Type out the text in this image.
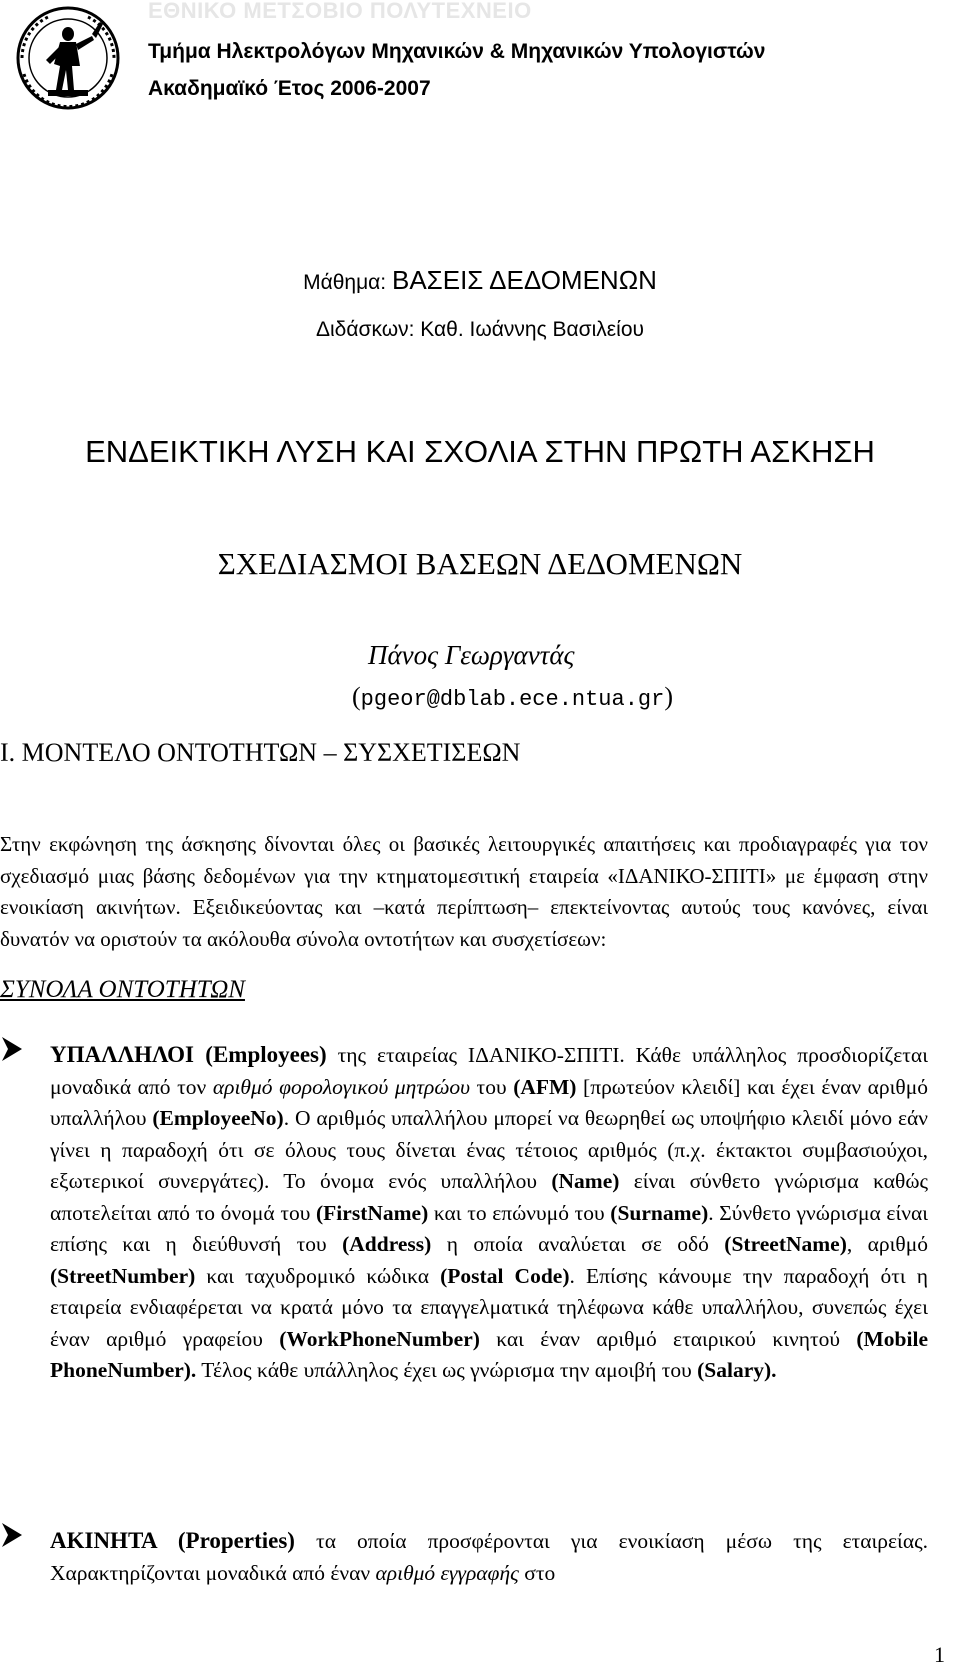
ΕΘΝΙΚΟ ΜΕΤΣΟΒΙΟ ΠΟΛΥΤΕΧΝΕΙΟ
Τμήμα Ηλεκτρολόγων Μηχανικών & Μηχανικών Υπολογιστών
Ακαδημαϊκό Έτος 2006-2007
Μάθημα: ΒΑΣΕΙΣ ΔΕΔΟΜΕΝΩΝ
Διδάσκων: Καθ. Ιωάννης Βασιλείου
ΕΝΔΕΙΚΤΙΚΗ ΛΥΣΗ ΚΑΙ ΣΧΟΛΙΑ ΣΤΗΝ ΠΡΩΤΗ ΑΣΚΗΣΗ
ΣΧΕΔΙΑΣΜΟΙ ΒΑΣΕΩΝ ΔΕΔΟΜΕΝΩΝ
Πάνος Γεωργαντάς
(pgeor@dblab.ece.ntua.gr)
Ι. ΜΟΝΤΕΛΟ ΟΝΤΟΤΗΤΩΝ – ΣΥΣΧΕΤΙΣΕΩΝ
Στην εκφώνηση της άσκησης δίνονται όλες οι βασικές λειτουργικές απαιτήσεις και προδιαγραφές για τον σχεδιασμό μιας βάσης δεδομένων για την κτηματομεσιτική εταιρεία «ΙΔΑΝΙΚΟ-ΣΠΙΤΙ» με έμφαση στην ενοικίαση ακινήτων. Εξειδικεύοντας και –κατά περίπτωση– επεκτείνοντας αυτούς τους κανόνες, είναι δυνατόν να οριστούν τα ακόλουθα σύνολα οντοτήτων και συσχετίσεων:
ΣΥΝΟΛΑ ΟΝΤΟΤΗΤΩΝ
ΥΠΑΛΛΗΛΟΙ (Employees) της εταιρείας ΙΔΑΝΙΚΟ-ΣΠΙΤΙ. Κάθε υπάλληλος προσδιορίζεται μοναδικά από τον αριθμό φορολογικού μητρώου του (AFM) [πρωτεύον κλειδί] και έχει έναν αριθμό υπαλλήλου (EmployeeNo). Ο αριθμός υπαλλήλου μπορεί να θεωρηθεί ως υποψήφιο κλειδί μόνο εάν γίνει η παραδοχή ότι σε όλους τους δίνεται ένας τέτοιος αριθμός (π.χ. έκτακτοι συμβασιούχοι, εξωτερικοί συνεργάτες). Το όνομα ενός υπαλλήλου (Name) είναι σύνθετο γνώρισμα καθώς αποτελείται από το όνομά του (FirstName) και το επώνυμό του (Surname). Σύνθετο γνώρισμα είναι επίσης και η διεύθυνσή του (Address) η οποία αναλύεται σε οδό (StreetName), αριθμό (StreetNumber) και ταχυδρομικό κώδικα (Postal Code). Επίσης κάνουμε την παραδοχή ότι η εταιρεία ενδιαφέρεται να κρατά μόνο τα επαγγελματικά τηλέφωνα κάθε υπαλλήλου, συνεπώς έχει έναν αριθμό γραφείου (WorkPhoneNumber) και έναν αριθμό εταιρικού κινητού (Mobile PhoneNumber). Τέλος κάθε υπάλληλος έχει ως γνώρισμα την αμοιβή του (Salary).
ΑΚΙΝΗΤΑ (Properties) τα οποία προσφέρονται για ενοικίαση μέσω της εταιρείας. Χαρακτηρίζονται μοναδικά από έναν αριθμό εγγραφής στο
1
